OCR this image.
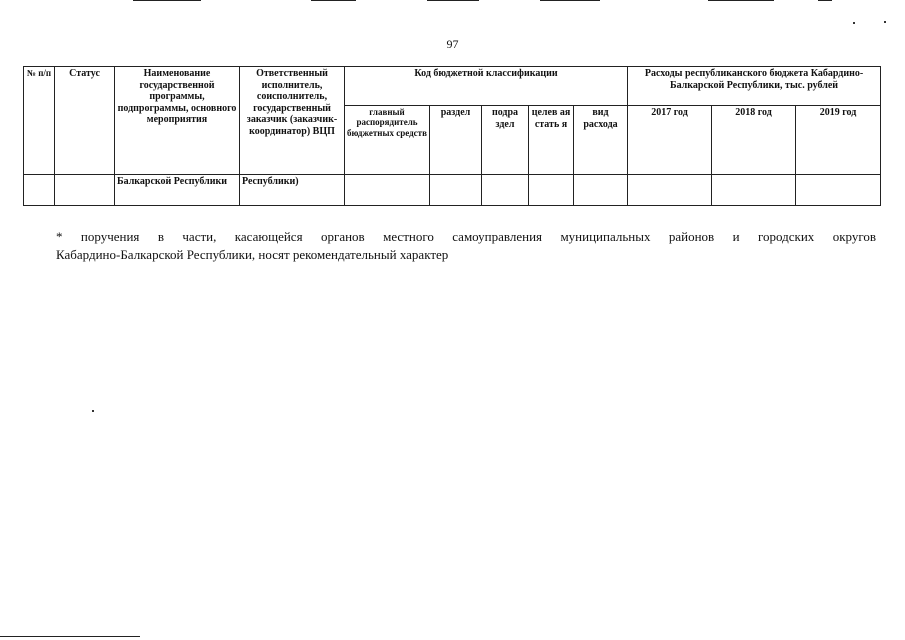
97
№ п/п	Статус	Наименование государственной программы, подпрограммы, основного мероприятия	Ответственный исполнитель, соисполнитель, государственный заказчик (заказчик-координатор) ВЦП	Код бюджетной классификации					Расходы республиканского бюджета Кабардино-Балкарской Республики, тыс. рублей		
				главный распорядитель бюджетных средств	раздел	подра здел	целев ая стать я	вид расхода	2017 год	2018 год	2019 год
		Балкарской Республики	Республики)								
* поручения в части, касающейся органов местного самоуправления муниципальных районов и городских округов
Кабардино-Балкарской Республики, носят рекомендательный характер
